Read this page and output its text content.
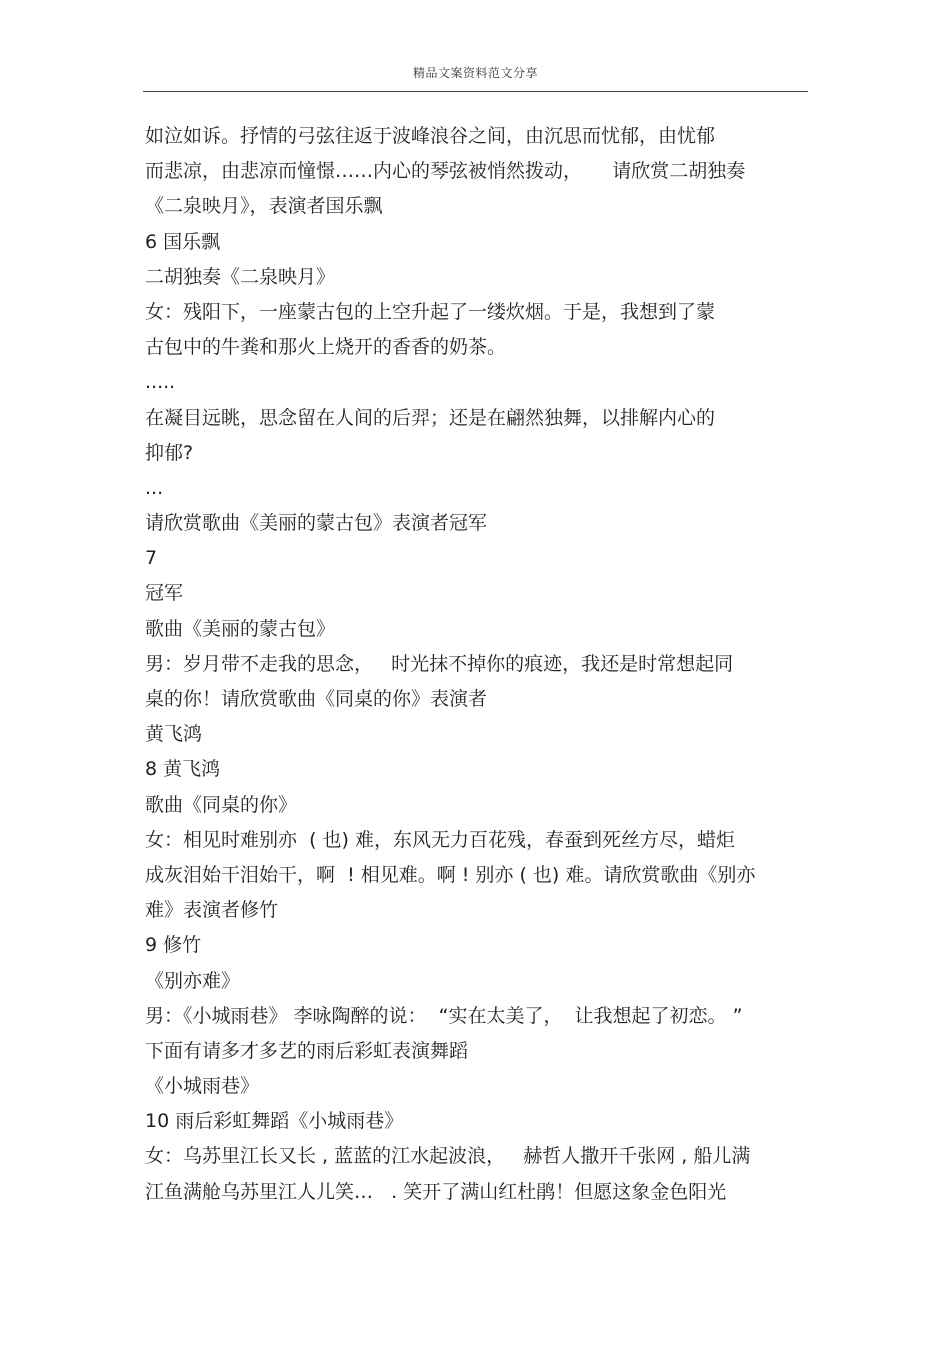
精品文案资料范文分享
如泣如诉。抒情的弓弦往返于波峰浪谷之间，由沉思而忧郁，由忧郁
而悲凉，由悲凉而憧憬……内心的琴弦被悄然拨动，     请欣赏二胡独奏
《二泉映月》，表演者国乐飘
6 国乐飘
二胡独奏《二泉映月》
女：残阳下，一座蒙古包的上空升起了一缕炊烟。于是，我想到了蒙
古包中的牛粪和那火上烧开的香香的奶茶。
.....
在凝目远眺，思念留在人间的后羿；还是在翩然独舞，以排解内心的
抑郁?
...
请欣赏歌曲《美丽的蒙古包》表演者冠军
7
冠军
歌曲《美丽的蒙古包》
男：岁月带不走我的思念，   时光抹不掉你的痕迹，我还是时常想起同
桌的你！请欣赏歌曲《同桌的你》表演者
黄飞鸿
8 黄飞鸿
歌曲《同桌的你》
女：相见时难别亦  ( 也) 难，东风无力百花残，春蚕到死丝方尽，蜡炬
成灰泪始干泪始干，啊  ! 相见难。啊 ! 别亦 ( 也) 难。请欣赏歌曲《别亦
难》表演者修竹
9 修竹
《别亦难》
男：《小城雨巷》 李咏陶醉的说：  “实在太美了，  让我想起了初恋。 ”
下面有请多才多艺的雨后彩虹表演舞蹈
《小城雨巷》
10 雨后彩虹舞蹈《小城雨巷》
女：乌苏里江长又长 , 蓝蓝的江水起波浪，   赫哲人撒开千张网 , 船儿满
江鱼满舱乌苏里江人儿笑…   . 笑开了满山红杜鹃！但愿这象金色阳光
